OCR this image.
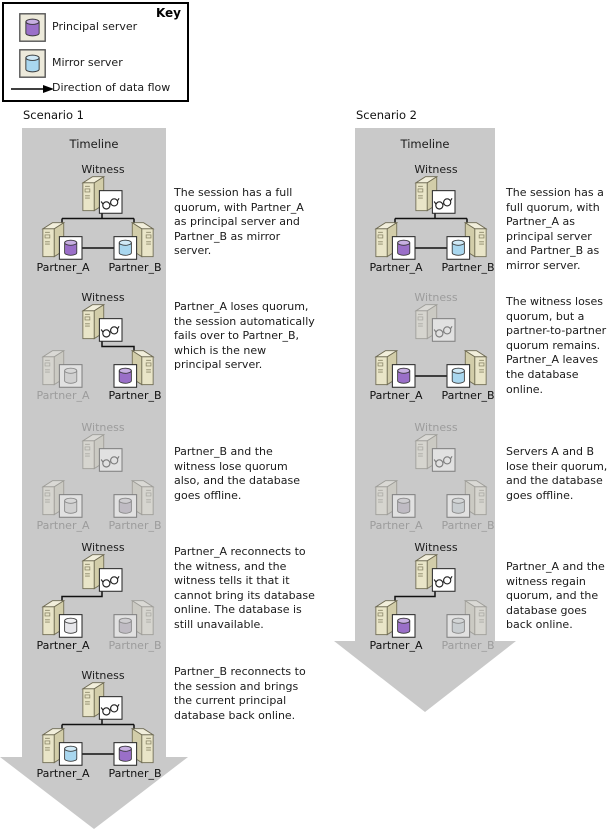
Key
Principal server
Mirror server
Direction of data flow
Scenario 1	Scenario 2
Timeline	Timeline
Witness
Partner_A	Partner_B
The session has a full quorum, with Partner_A as principal server and Partner_B as mirror server.
Witness
Partner_A	Partner_B
Partner_A loses quorum, the session automatically fails over to Partner_B, which is the new principal server.
Witness
Partner_A	Partner_B
Partner_B and the witness lose quorum also, and the database goes offline.
Witness
Partner_A	Partner_B
Partner_A reconnects to the witness, and the witness tells it that it cannot bring its database online. The database is still unavailable.
Witness
Partner_A	Partner_B
Partner_B reconnects to the session and brings the current principal database back online.
Witness
Partner_A	Partner_B
The session has a full quorum, with Partner_A as principal server and Partner_B as mirror server.
Witness
Partner_A	Partner_B
The witness loses quorum, but a partner-to-partner quorum remains. Partner_A leaves the database online.
Witness
Partner_A	Partner_B
Servers A and B lose their quorum, and the database goes offline.
Witness
Partner_A	Partner_B
Partner_A and the witness regain quorum, and the database goes back online.
